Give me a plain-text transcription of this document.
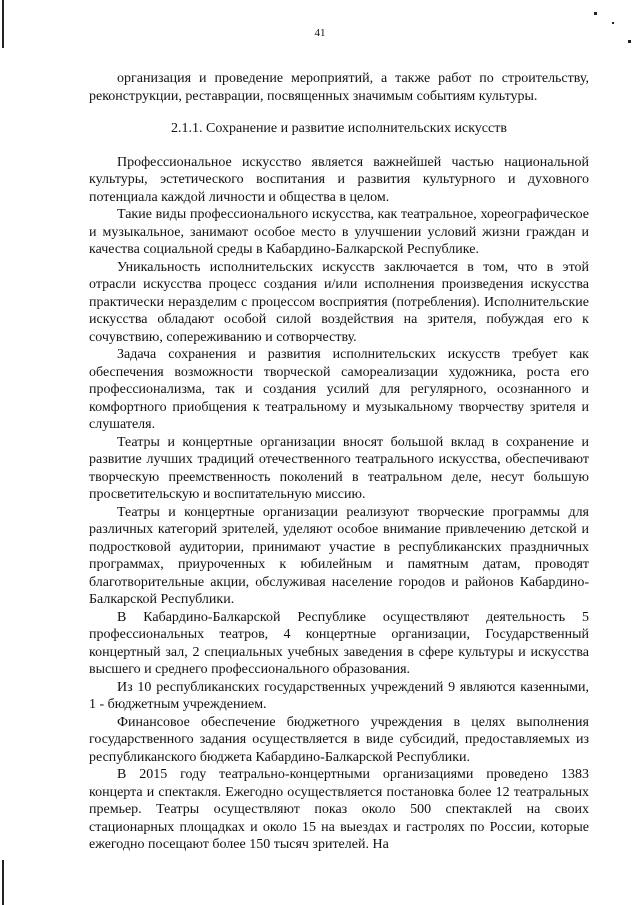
41

организация и проведение мероприятий, а также работ по строительству, реконструкции, реставрации, посвященных значимым событиям культуры.

2.1.1. Сохранение и развитие исполнительских искусств

Профессиональное искусство является важнейшей частью национальной культуры, эстетического воспитания и развития культурного и духовного потенциала каждой личности и общества в целом.

Такие виды профессионального искусства, как театральное, хореографическое и музыкальное, занимают особое место в улучшении условий жизни граждан и качества социальной среды в Кабардино-Балкарской Республике.

Уникальность исполнительских искусств заключается в том, что в этой отрасли искусства процесс создания и/или исполнения произведения искусства практически неразделим с процессом восприятия (потребления). Исполнительские искусства обладают особой силой воздействия на зрителя, побуждая его к сочувствию, сопереживанию и сотворчеству.

Задача сохранения и развития исполнительских искусств требует как обеспечения возможности творческой самореализации художника, роста его профессионализма, так и создания усилий для регулярного, осознанного и комфортного приобщения к театральному и музыкальному творчеству зрителя и слушателя.

Театры и концертные организации вносят большой вклад в сохранение и развитие лучших традиций отечественного театрального искусства, обеспечивают творческую преемственность поколений в театральном деле, несут большую просветительскую и воспитательную миссию.

Театры и концертные организации реализуют творческие программы для различных категорий зрителей, уделяют особое внимание привлечению детской и подростковой аудитории, принимают участие в республиканских праздничных программах, приуроченных к юбилейным и памятным датам, проводят благотворительные акции, обслуживая население городов и районов Кабардино-Балкарской Республики.

В Кабардино-Балкарской Республике осуществляют деятельность 5 профессиональных театров, 4 концертные организации, Государственный концертный зал, 2 специальных учебных заведения в сфере культуры и искусства высшего и среднего профессионального образования.

Из 10 республиканских государственных учреждений 9 являются казенными, 1 - бюджетным учреждением.

Финансовое обеспечение бюджетного учреждения в целях выполнения государственного задания осуществляется в виде субсидий, предоставляемых из республиканского бюджета Кабардино-Балкарской Республики.

В 2015 году театрально-концертными организациями проведено 1383 концерта и спектакля. Ежегодно осуществляется постановка более 12 театральных премьер. Театры осуществляют показ около 500 спектаклей на своих стационарных площадках и около 15 на выездах и гастролях по России, которые ежегодно посещают более 150 тысяч зрителей. На
